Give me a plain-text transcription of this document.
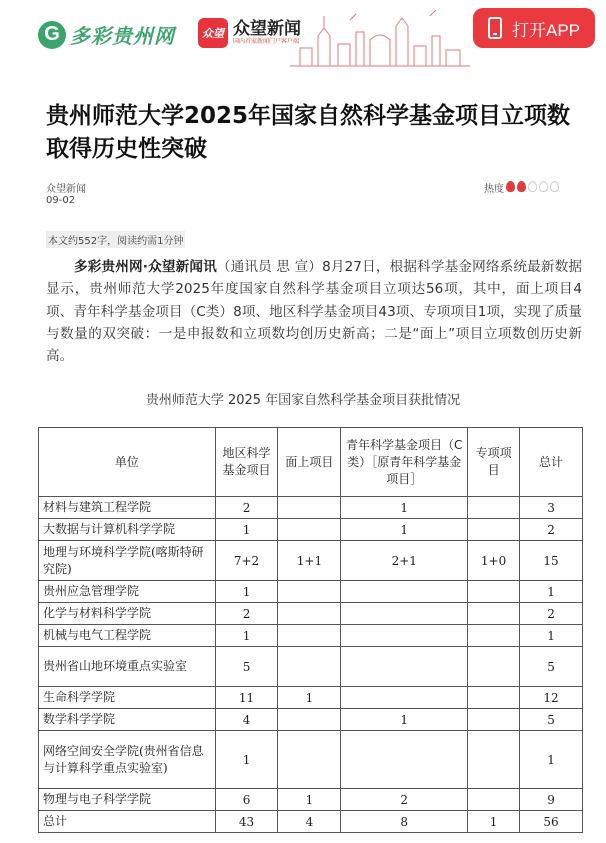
G 多彩贵州网	众望 众望新闻
国内首家新闻门户客户端
打开APP
贵州师范大学2025年国家自然科学基金项目立项数取得历史性突破
众望新闻
09-02
热度
本文约552字，阅读约需1分钟

多彩贵州网·众望新闻讯（通讯员 思 宣）8月27日，根据科学基金网络系统最新数据显示，贵州师范大学2025年度国家自然科学基金项目立项达56项，其中，面上项目4项、青年科学基金项目（C类）8项、地区科学基金项目43项、专项项目1项，实现了质量与数量的双突破：一是申报数和立项数均创历史新高；二是“面上”项目立项数创历史新高。

贵州师范大学 2025 年国家自然科学基金项目获批情况
单位	地区科学基金项目	面上项目	青年科学基金项目（C 类）［原青年科学基金项目］	专项项目	总计
材料与建筑工程学院	2		1		3
大数据与计算机科学学院	1		1		2
地理与环境科学学院(喀斯特研究院)	7+2	1+1	2+1	1+0	15
贵州应急管理学院	1				1
化学与材料科学学院	2				2
机械与电气工程学院	1				1
贵州省山地环境重点实验室	5				5
生命科学学院	11	1			12
数学科学学院	4		1		5
网络空间安全学院(贵州省信息与计算科学重点实验室)	1				1
物理与电子科学学院	6	1	2		9
总计	43	4	8	1	56
